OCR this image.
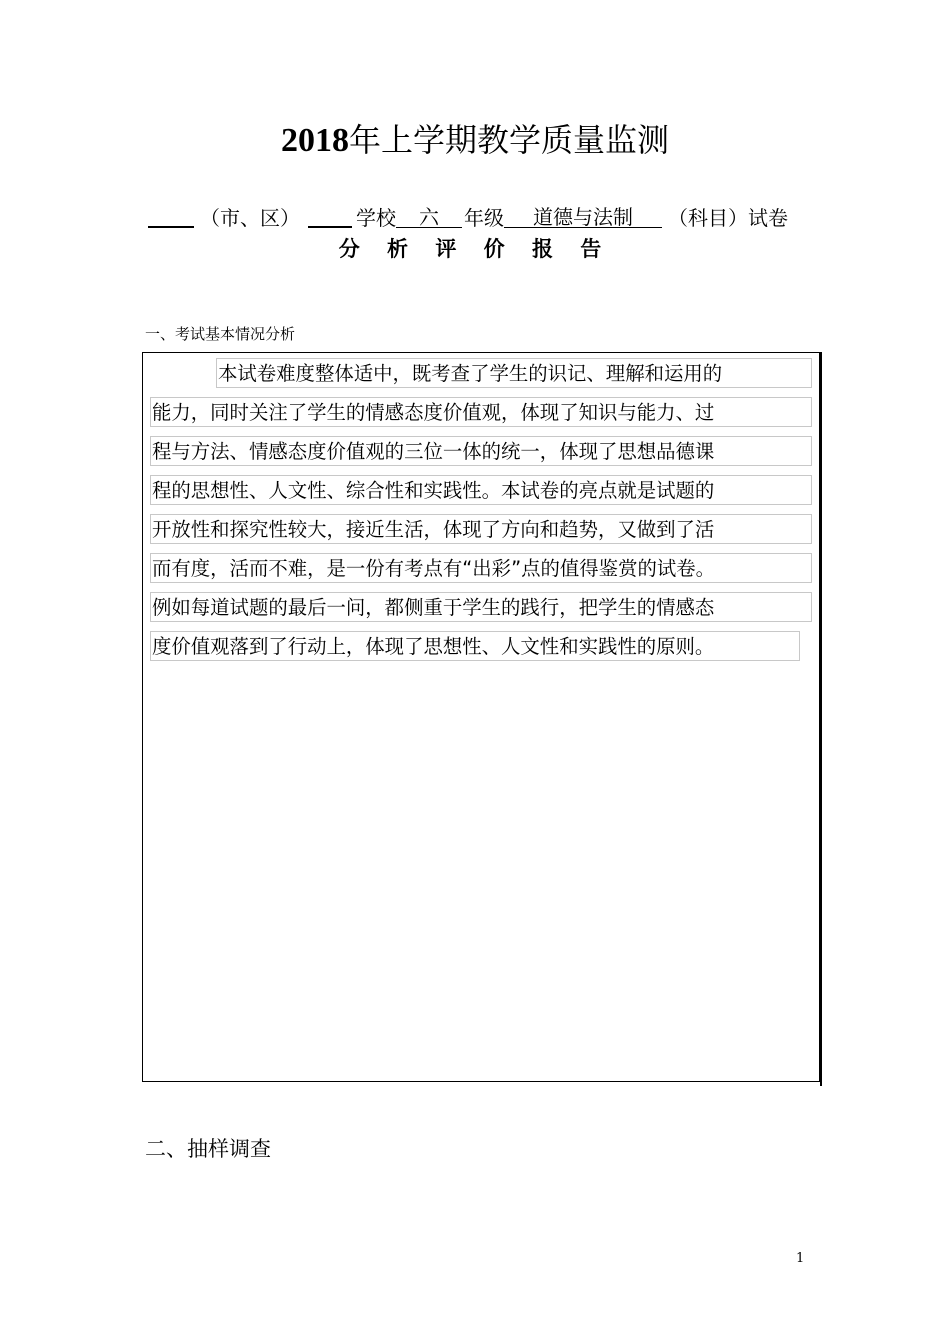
2018年上学期教学质量监测
（市、区）	学校	六	年级	道德与法制	（科目）试卷
分 析 评 价 报 告
一、考试基本情况分析
本试卷难度整体适中，既考查了学生的识记、理解和运用的
能力，同时关注了学生的情感态度价值观，体现了知识与能力、过
程与方法、情感态度价值观的三位一体的统一，体现了思想品德课
程的思想性、人文性、综合性和实践性。本试卷的亮点就是试题的
开放性和探究性较大，接近生活，体现了方向和趋势，又做到了活
而有度，活而不难，是一份有考点有“出彩”点的值得鉴赏的试卷。
例如每道试题的最后一问，都侧重于学生的践行，把学生的情感态
度价值观落到了行动上，体现了思想性、人文性和实践性的原则。
二、抽样调查
1
